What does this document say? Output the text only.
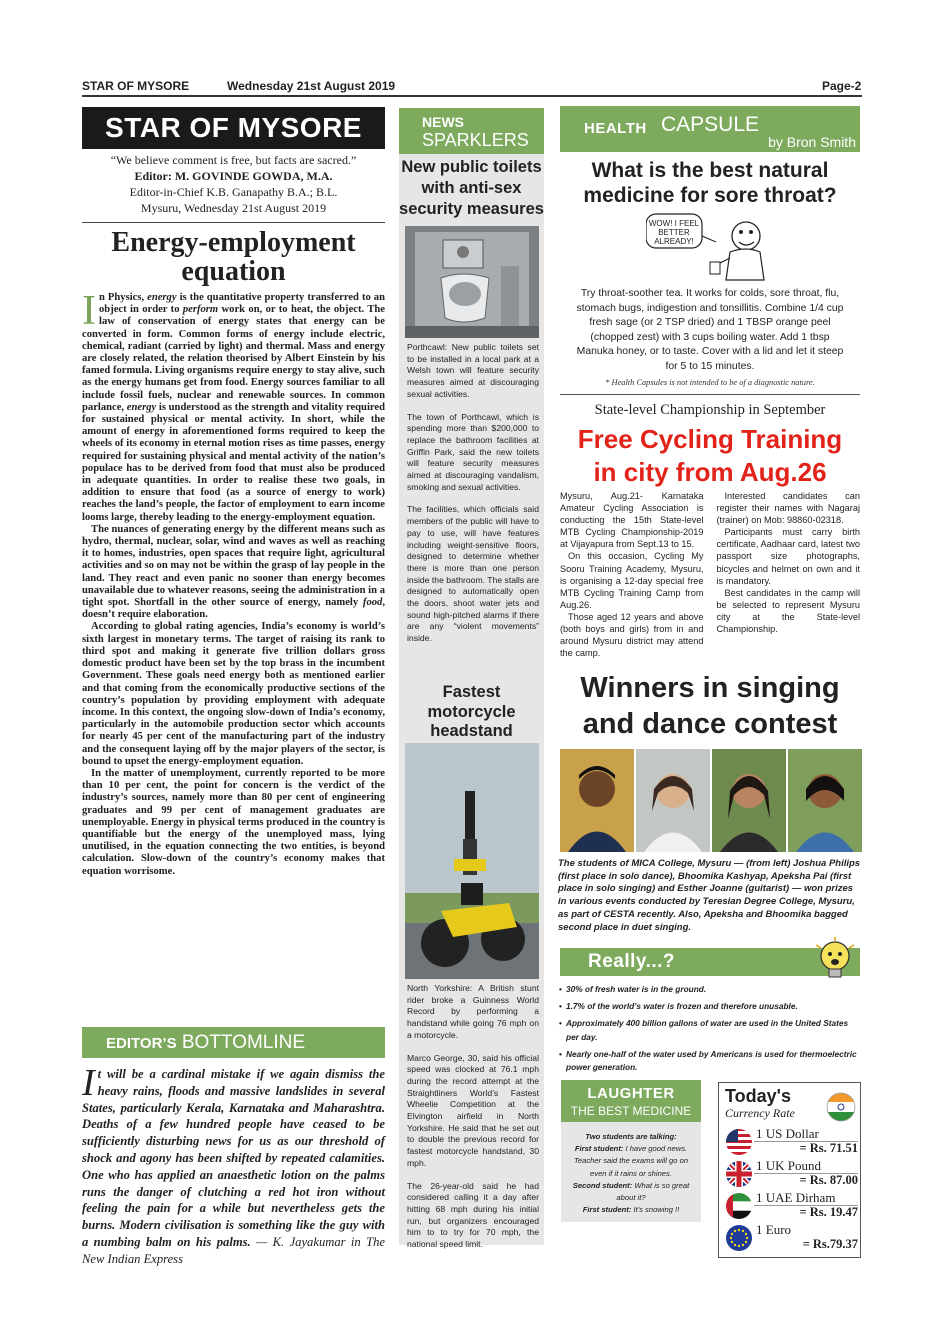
STAR OF MYSORE	Wednesday 21st August 2019	Page-2
STAR OF MYSORE
“We believe comment is free, but facts are sacred.”
Editor: M. GOVINDE GOWDA, M.A.
Editor-in-Chief K.B. Ganapathy B.A.; B.L.
Mysuru, Wednesday 21st August 2019
Energy-employment
equation

In Physics, energy is the quantitative property transferred to an object in order to perform work on, or to heat, the object. The law of conservation of energy states that energy can be converted in form. Common forms of energy include electric, chemical, radiant (carried by light) and thermal. Mass and energy are closely related, the relation theorised by Albert Einstein by his famed formula. Living organisms require energy to stay alive, such as the energy humans get from food. Energy sources familiar to all include fossil fuels, nuclear and renewable sources. In common parlance, energy is understood as the strength and vitality required for sustained physical or mental activity. In short, while the amount of energy in aforementioned forms required to keep the wheels of its economy in eternal motion rises as time passes, energy required for sustaining physical and mental activity of the nation’s populace has to be derived from food that must also be produced in adequate quantities. In order to realise these two goals, in addition to ensure that food (as a source of energy to work) reaches the land’s people, the factor of employment to earn income looms large, thereby leading to the energy-employment equation.

The nuances of generating energy by the different means such as hydro, thermal, nuclear, solar, wind and waves as well as reaching it to homes, industries, open spaces that require light, agricultural activities and so on may not be within the grasp of lay people in the land. They react and even panic no sooner than energy becomes unavailable due to whatever reasons, seeing the administration in a tight spot. Shortfall in the other source of energy, namely food, doesn’t require elaboration.

According to global rating agencies, India’s economy is world’s sixth largest in monetary terms. The target of raising its rank to third spot and making it generate five trillion dollars gross domestic product have been set by the top brass in the incumbent Government. These goals need energy both as mentioned earlier and that coming from the economically productive sections of the country’s population by providing employment with adequate income. In this context, the ongoing slow-down of India’s economy, particularly in the automobile production sector which accounts for nearly 45 per cent of the manufacturing part of the industry and the consequent laying off by the major players of the sector, is bound to upset the energy-employment equation.

In the matter of unemployment, currently reported to be more than 10 per cent, the point for concern is the verdict of the industry’s sources, namely more than 80 per cent of engineering graduates and 99 per cent of management graduates are unemployable. Energy in physical terms produced in the country is quantifiable but the energy of the unemployed mass, lying unutilised, in the equation connecting the two entities, is beyond calculation. Slow-down of the country’s economy makes that equation worrisome.

EDITOR’S BOTTOMLINE
It will be a cardinal mistake if we again dismiss the heavy rains, floods and massive landslides in several States, particularly Kerala, Karnataka and Maharashtra. Deaths of a few hundred people have ceased to be sufficiently disturbing news for us as our threshold of shock and agony has been shifted by repeated calamities. One who has applied an anaesthetic lotion on the palms runs the danger of clutching a red hot iron without feeling the pain for a while but nevertheless gets the burns. Modern civilisation is something like the guy with a numbing balm on his palms. — K. Jayakumar in The New Indian Express
NEWS
SPARKLERS
New public toilets with anti-sex security measures

Porthcawl: New public toilets set to be installed in a local park at a Welsh town will feature security measures aimed at discouraging sexual activities.

The town of Porthcawl, which is spending more than $200,000 to replace the bathroom facilities at Griffin Park, said the new toilets will feature security measures aimed at discouraging vandalism, smoking and sexual activities.

The facilities, which officials said members of the public will have to pay to use, will have features including weight-sensitive floors, designed to determine whether there is more than one person inside the bathroom. The stalls are designed to automatically open the doors, shoot water jets and sound high-pitched alarms if there are any “violent movements” inside.

Fastest motorcycle headstand

North Yorkshire: A British stunt rider broke a Guinness World Record by performing a handstand while going 76 mph on a motorcycle.

Marco George, 30, said his official speed was clocked at 76.1 mph during the record attempt at the Straightliners World’s Fastest Wheelie Competition at the Elvington airfield in North Yorkshire. He said that he set out to double the previous record for fastest motorcycle handstand, 30 mph.

The 26-year-old said he had considered calling it a day after hitting 68 mph during his initial run, but organizers encouraged him to to try for 70 mph, the national speed limit.

HEALTH CAPSULE
by Bron Smith
What is the best natural medicine for sore throat?
WOW! I FEEL
BETTER
ALREADY!
Try throat-soother tea. It works for colds, sore throat, flu, stomach bugs, indigestion and tonsillitis. Combine 1/4 cup fresh sage (or 2 TSP dried) and 1 TBSP orange peel (chopped zest) with 3 cups boiling water. Add 1 tbsp Manuka honey, or to taste. Cover with a lid and let it steep for 5 to 15 minutes.
* Health Capsules is not intended to be of a diagnostic nature.
State-level Championship in September
Free Cycling Training
in city from Aug.26

Mysuru, Aug.21- Karnataka Amateur Cycling Association is conducting the 15th State-level MTB Cycling Championship-2019 at Vijayapura from Sept.13 to 15.

On this occasion, Cycling My Sooru Training Academy, Mysuru, is organising a 12-day special free MTB Cycling Training Camp from Aug.26.

Those aged 12 years and above (both boys and girls) from in and around Mysuru district may attend the camp.

Interested candidates can register their names with Nagaraj (trainer) on Mob: 98860-02318.

Participants must carry birth certificate, Aadhaar card, latest two passport size photographs, bicycles and helmet on own and it is mandatory.

Best candidates in the camp will be selected to represent Mysuru city at the State-level Championship.

Winners in singing
and dance contest
The students of MICA College, Mysuru — (from left) Joshua Philips (first place in solo dance), Bhoomika Kashyap, Apeksha Pai (first place in solo singing) and Esther Joanne (guitarist) — won prizes in various events conducted by Teresian Degree College, Mysuru, as part of CESTA recently. Also, Apeksha and Bhoomika bagged second place in duet singing.
Really...?
• 30% of fresh water is in the ground.
• 1.7% of the world’s water is frozen and therefore unusable.
• Approximately 400 billion gallons of water are used in the United States per day.
• Nearly one-half of the water used by Americans is used for thermoelectric power generation.
LAUGHTER
THE BEST MEDICINE
Two students are talking:
First student: I have good news. Teacher said the exams will go on even if it rains or shines.
Second student: What is so great about it?
First student: It’s snowing !!
Today's
Currency Rate
1 US Dollar
= Rs. 71.51
1 UK Pound
= Rs. 87.00
1 UAE Dirham
= Rs. 19.47
1 Euro
= Rs.79.37
